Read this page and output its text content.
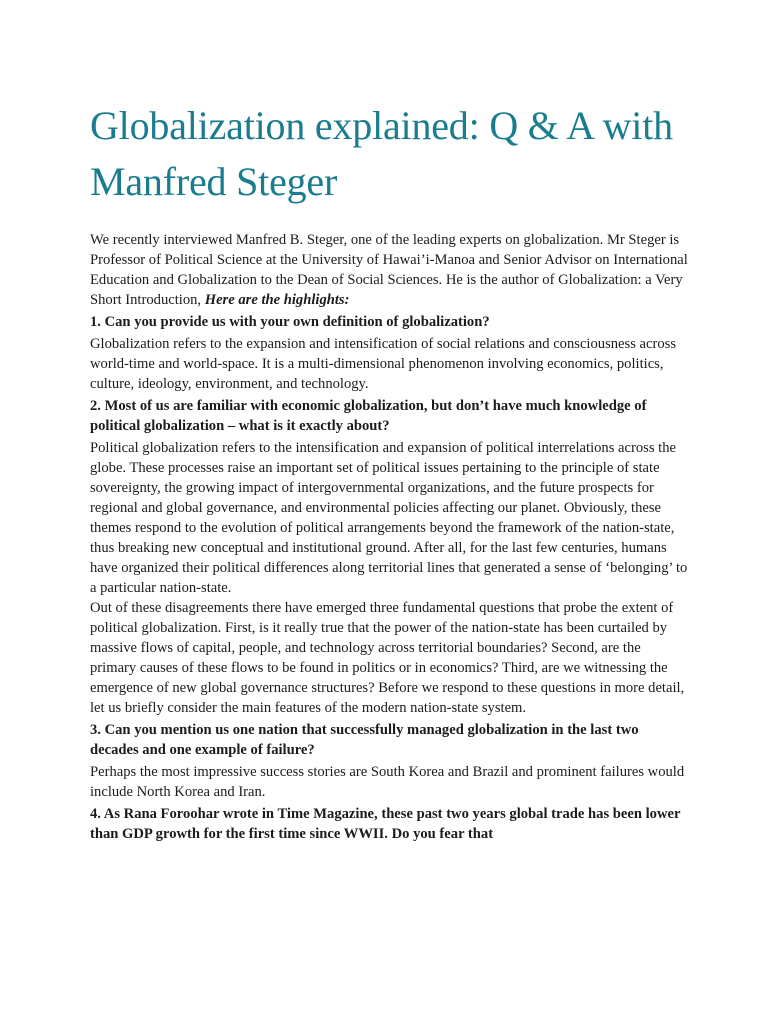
Globalization explained: Q & A with Manfred Steger

We recently interviewed Manfred B. Steger, one of the leading experts on globalization. Mr Steger is Professor of Political Science at the University of Hawai’i-Manoa and Senior Advisor on International Education and Globalization to the Dean of Social Sciences. He is the author of Globalization: a Very Short Introduction, Here are the highlights:

1. Can you provide us with your own definition of globalization?

Globalization refers to the expansion and intensification of social relations and consciousness across world-time and world-space. It is a multi-dimensional phenomenon involving economics, politics, culture, ideology, environment, and technology.

2. Most of us are familiar with economic globalization, but don’t have much knowledge of political globalization – what is it exactly about?

Political globalization refers to the intensification and expansion of political interrelations across the globe. These processes raise an important set of political issues pertaining to the principle of state sovereignty, the growing impact of intergovernmental organizations, and the future prospects for regional and global governance, and environmental policies affecting our planet. Obviously, these themes respond to the evolution of political arrangements beyond the framework of the nation-state, thus breaking new conceptual and institutional ground. After all, for the last few centuries, humans have organized their political differences along territorial lines that generated a sense of ‘belonging’ to a particular nation-state.

Out of these disagreements there have emerged three fundamental questions that probe the extent of political globalization. First, is it really true that the power of the nation-state has been curtailed by massive flows of capital, people, and technology across territorial boundaries? Second, are the primary causes of these flows to be found in politics or in economics? Third, are we witnessing the emergence of new global governance structures? Before we respond to these questions in more detail, let us briefly consider the main features of the modern nation-state system.

3. Can you mention us one nation that successfully managed globalization in the last two decades and one example of failure?

Perhaps the most impressive success stories are South Korea and Brazil and prominent failures would include North Korea and Iran.

4. As Rana Foroohar wrote in Time Magazine, these past two years global trade has been lower than GDP growth for the first time since WWII. Do you fear that
